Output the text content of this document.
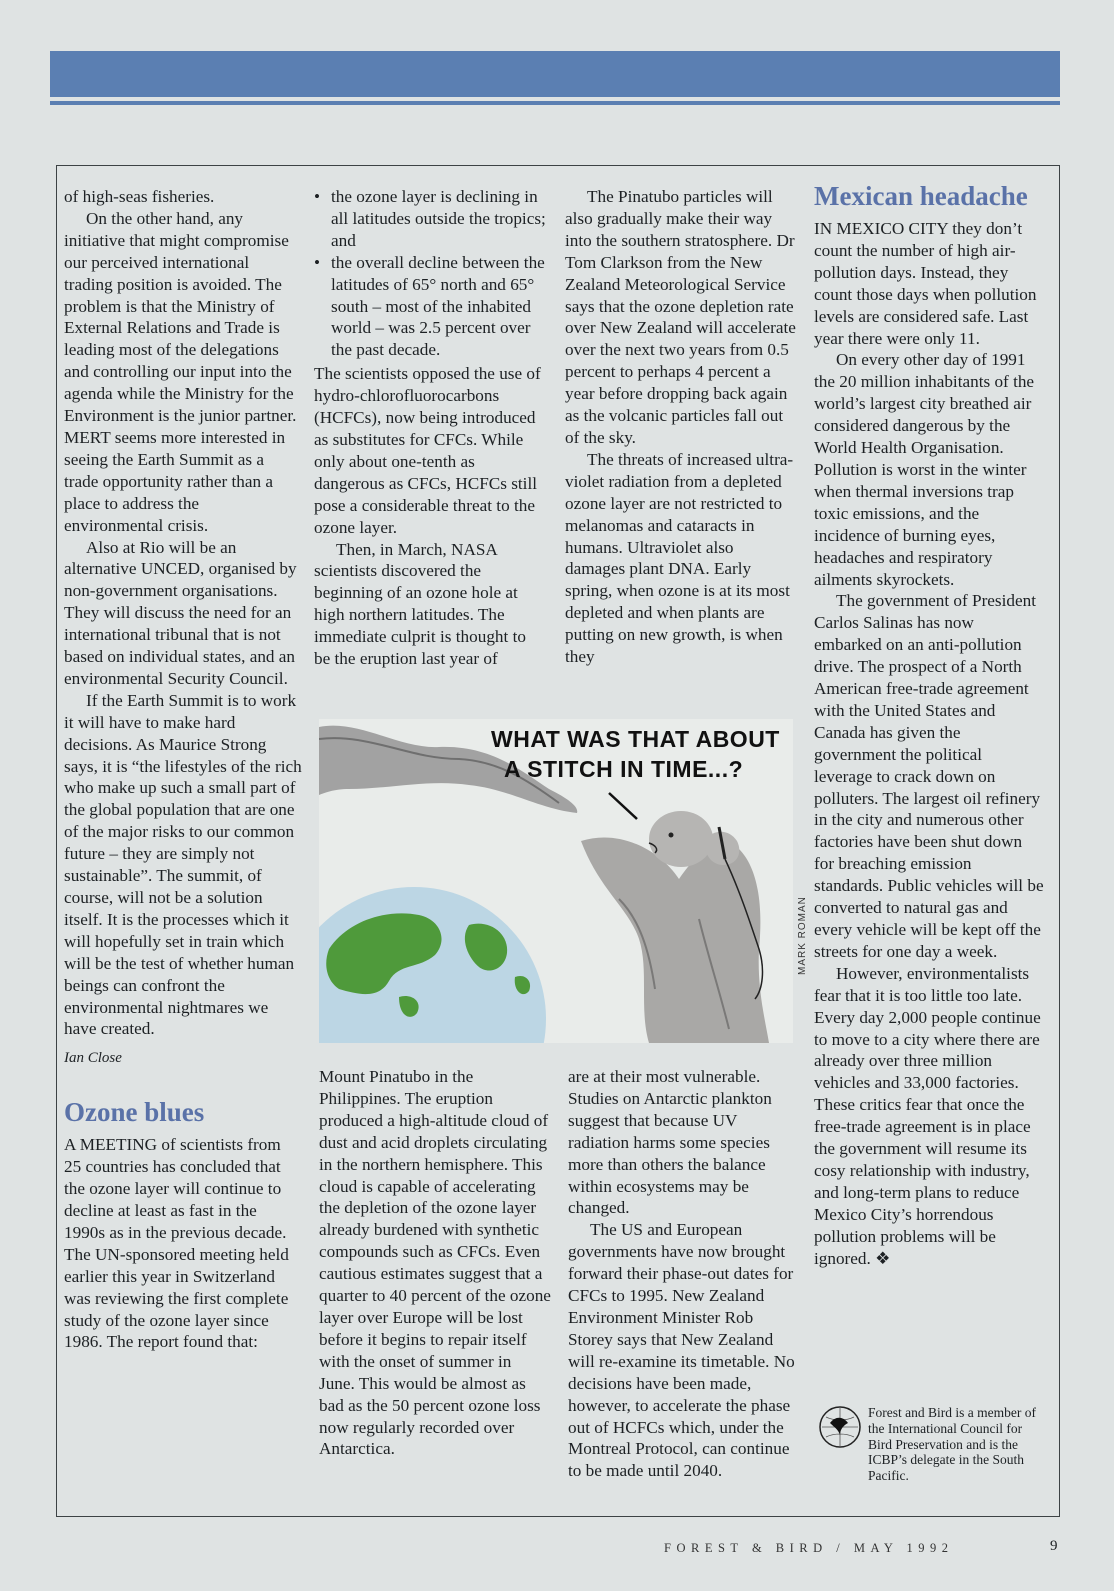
of high-seas fisheries.

On the other hand, any initiative that might compromise our perceived international trading position is avoided. The problem is that the Ministry of External Relations and Trade is leading most of the delegations and controlling our input into the agenda while the Ministry for the Environment is the junior partner. MERT seems more interested in seeing the Earth Summit as a trade opportunity rather than a place to address the environmental crisis.

Also at Rio will be an alternative UNCED, organised by non-government organisations. They will discuss the need for an international tribunal that is not based on individual states, and an environmental Security Council.

If the Earth Summit is to work it will have to make hard decisions. As Maurice Strong says, it is “the lifestyles of the rich who make up such a small part of the global population that are one of the major risks to our common future – they are simply not sustainable”. The summit, of course, will not be a solution itself. It is the processes which it will hopefully set in train which will be the test of whether human beings can confront the environmental nightmares we have created.

Ian Close

Ozone blues

A MEETING of scientists from 25 countries has concluded that the ozone layer will continue to decline at least as fast in the 1990s as in the previous decade. The UN-sponsored meeting held earlier this year in Switzerland was reviewing the first complete study of the ozone layer since 1986. The report found that:

• the ozone layer is declining in all latitudes outside the tropics; and
• the overall decline between the latitudes of 65° north and 65° south – most of the inhabited world – was 2.5 percent over the past decade.

The scientists opposed the use of hydro-chlorofluorocarbons (HCFCs), now being introduced as substitutes for CFCs. While only about one-tenth as dangerous as CFCs, HCFCs still pose a considerable threat to the ozone layer.

Then, in March, NASA scientists discovered the beginning of an ozone hole at high northern latitudes. The immediate culprit is thought to be the eruption last year of

The Pinatubo particles will also gradually make their way into the southern stratosphere. Dr Tom Clarkson from the New Zealand Meteorological Service says that the ozone depletion rate over New Zealand will accelerate over the next two years from 0.5 percent to perhaps 4 percent a year before dropping back again as the volcanic particles fall out of the sky.

The threats of increased ultra-violet radiation from a depleted ozone layer are not restricted to melanomas and cataracts in humans. Ultraviolet also damages plant DNA. Early spring, when ozone is at its most depleted and when plants are putting on new growth, is when they

WHAT WAS THAT ABOUT
A STITCH IN TIME...?
MARK ROMAN

Mount Pinatubo in the Philippines. The eruption produced a high-altitude cloud of dust and acid droplets circulating in the northern hemisphere. This cloud is capable of accelerating the depletion of the ozone layer already burdened with synthetic compounds such as CFCs. Even cautious estimates suggest that a quarter to 40 percent of the ozone layer over Europe will be lost before it begins to repair itself with the onset of summer in June. This would be almost as bad as the 50 percent ozone loss now regularly recorded over Antarctica.

are at their most vulnerable. Studies on Antarctic plankton suggest that because UV radiation harms some species more than others the balance within ecosystems may be changed.

The US and European governments have now brought forward their phase-out dates for CFCs to 1995. New Zealand Environment Minister Rob Storey says that New Zealand will re-examine its timetable. No decisions have been made, however, to accelerate the phase out of HCFCs which, under the Montreal Protocol, can continue to be made until 2040.

Mexican headache

IN MEXICO CITY they don’t count the number of high air-pollution days. Instead, they count those days when pollution levels are considered safe. Last year there were only 11.

On every other day of 1991 the 20 million inhabitants of the world’s largest city breathed air considered dangerous by the World Health Organisation. Pollution is worst in the winter when thermal inversions trap toxic emissions, and the incidence of burning eyes, headaches and respiratory ailments skyrockets.

The government of President Carlos Salinas has now embarked on an anti-pollution drive. The prospect of a North American free-trade agreement with the United States and Canada has given the government the political leverage to crack down on polluters. The largest oil refinery in the city and numerous other factories have been shut down for breaching emission standards. Public vehicles will be converted to natural gas and every vehicle will be kept off the streets for one day a week.

However, environmentalists fear that it is too little too late. Every day 2,000 people continue to move to a city where there are already over three million vehicles and 33,000 factories. These critics fear that once the free-trade agreement is in place the government will resume its cosy relationship with industry, and long-term plans to reduce Mexico City’s horrendous pollution problems will be ignored. ❖

Forest and Bird is a member of the International Council for Bird Preservation and is the ICBP’s delegate in the South Pacific.
FOREST & BIRD / MAY 1992	9
